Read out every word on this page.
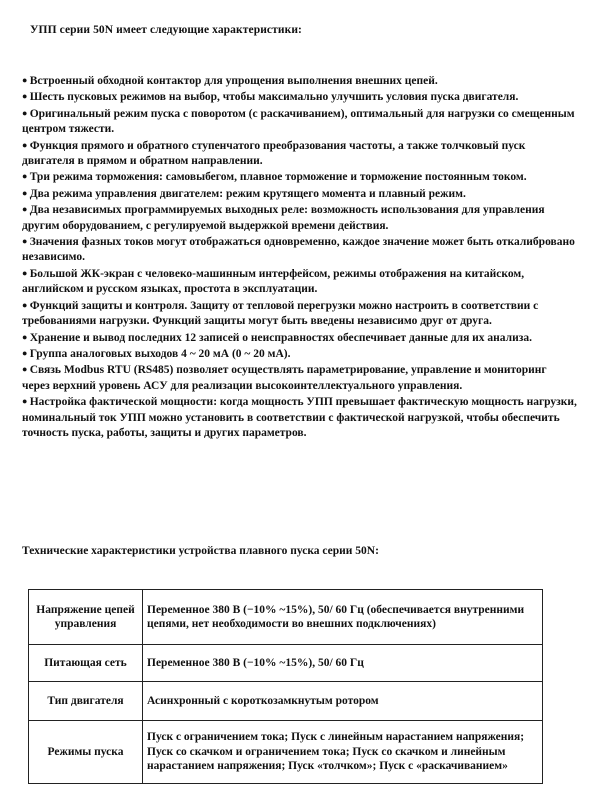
УПП серии 50N имеет следующие характеристики:

● Встроенный обходной контактор для упрощения выполнения внешних цепей.

● Шесть пусковых режимов на выбор, чтобы максимально улучшить условия пуска двигателя.

● Оригинальный режим пуска с поворотом (с раскачиванием), оптимальный для нагрузки со смещенным центром тяжести.

● Функция прямого и обратного ступенчатого преобразования частоты, а также толчковый пуск двигателя в прямом и обратном направлении.

● Три режима торможения: самовыбегом, плавное торможение и торможение постоянным током.

● Два режима управления двигателем: режим крутящего момента и плавный режим.

● Два независимых программируемых выходных реле: возможность использования для управления другим оборудованием, с регулируемой выдержкой времени действия.

● Значения фазных токов могут отображаться одновременно, каждое значение может быть откалибровано независимо.

● Большой ЖК-экран с человеко-машинным интерфейсом, режимы отображения на китайском, английском и русском языках, простота в эксплуатации.

● Функций защиты и контроля. Защиту от тепловой перегрузки можно настроить в соответствии с требованиями нагрузки. Функций защиты могут быть введены независимо друг от друга.

● Хранение и вывод последних 12 записей о неисправностях обеспечивает данные для их анализа.

● Группа аналоговых выходов 4 ~ 20 мА (0 ~ 20 мА).

● Связь Modbus RTU (RS485) позволяет осуществлять параметрирование, управление и мониторинг через верхний уровень АСУ для реализации высокоинтеллектуального управления.

● Настройка фактической мощности: когда мощность УПП превышает фактическую мощность нагрузки, номинальный ток УПП можно установить в соответствии с фактической нагрузкой, чтобы обеспечить точность пуска, работы, защиты и других параметров.

Технические характеристики устройства плавного пуска серии 50N:
Напряжение цепей управления	Переменное 380 В (−10% ~15%), 50/ 60 Гц (обеспечивается внутренними цепями, нет необходимости во внешних подключениях)
Питающая сеть	Переменное 380 В (−10% ~15%), 50/ 60 Гц
Тип двигателя	Асинхронный с короткозамкнутым ротором
Режимы пуска	Пуск с ограничением тока; Пуск с линейным нарастанием напряжения; Пуск со скачком и ограничением тока; Пуск со скачком и линейным нарастанием напряжения; Пуск «толчком»; Пуск с «раскачиванием»
